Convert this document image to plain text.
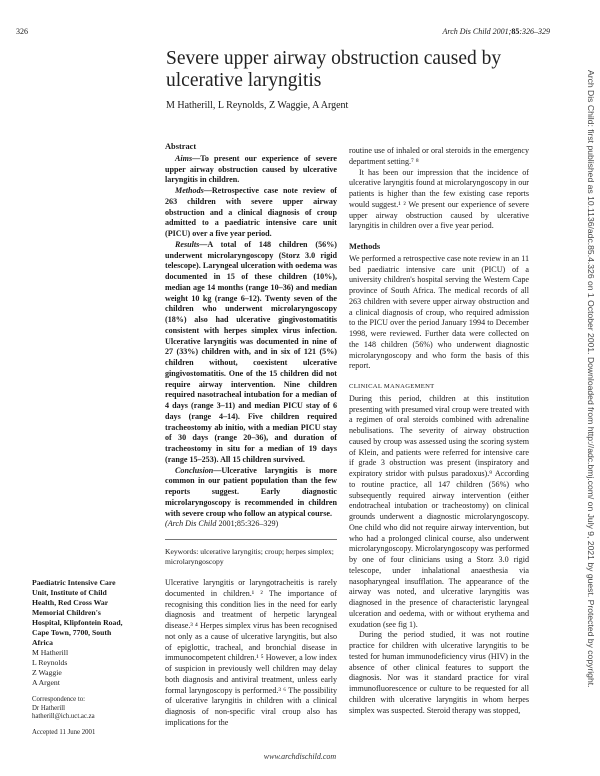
326	Arch Dis Child 2001;85:326–329
Arch Dis Child: first published as 10.1136/adc.85.4.326 on 1 October 2001. Downloaded from http://adc.bmj.com/ on July 9, 2021 by guest. Protected by copyright.
Severe upper airway obstruction caused by ulcerative laryngitis
M Hatherill, L Reynolds, Z Waggie, A Argent
Abstract

Aims—To present our experience of severe upper airway obstruction caused by ulcerative laryngitis in children.

Methods—Retrospective case note review of 263 children with severe upper airway obstruction and a clinical diagnosis of croup admitted to a paediatric intensive care unit (PICU) over a five year period.

Results—A total of 148 children (56%) underwent microlaryngoscopy (Storz 3.0 rigid telescope). Laryngeal ulceration with oedema was documented in 15 of these children (10%), median age 14 months (range 10–36) and median weight 10 kg (range 6–12). Twenty seven of the children who underwent microlaryngoscopy (18%) also had ulcerative gingivostomatitis consistent with herpes simplex virus infection. Ulcerative laryngitis was documented in nine of 27 (33%) children with, and in six of 121 (5%) children without, coexistent ulcerative gingivostomatitis. One of the 15 children did not require airway intervention. Nine children required nasotracheal intubation for a median of 4 days (range 3–11) and median PICU stay of 6 days (range 4–14). Five children required tracheostomy ab initio, with a median PICU stay of 30 days (range 20–36), and duration of tracheostomy in situ for a median of 19 days (range 15–253). All 15 children survived.

Conclusion—Ulcerative laryngitis is more common in our patient population than the few reports suggest. Early diagnostic microlaryngoscopy is recommended in children with severe croup who follow an atypical course.

(Arch Dis Child 2001;85:326–329)

Keywords: ulcerative laryngitis; croup; herpes simplex; microlaryngoscopy

Ulcerative laryngitis or laryngotracheitis is rarely documented in children.¹ ² The importance of recognising this condition lies in the need for early diagnosis and treatment of herpetic laryngeal disease.³ ⁴ Herpes simplex virus has been recognised not only as a cause of ulcerative laryngitis, but also of epiglottic, tracheal, and bronchial disease in immunocompetent children.¹ ⁵ However, a low index of suspicion in previously well children may delay both diagnosis and antiviral treatment, unless early formal laryngoscopy is performed.³ ⁶ The possibility of ulcerative laryngitis in children with a clinical diagnosis of non-specific viral croup also has implications for the

routine use of inhaled or oral steroids in the emergency department setting.⁷ ⁸

It has been our impression that the incidence of ulcerative laryngitis found at microlaryngoscopy in our patients is higher than the few existing case reports would suggest.¹ ² We present our experience of severe upper airway obstruction caused by ulcerative laryngitis in children over a five year period.

Methods

We performed a retrospective case note review in an 11 bed paediatric intensive care unit (PICU) of a university children's hospital serving the Western Cape province of South Africa. The medical records of all 263 children with severe upper airway obstruction and a clinical diagnosis of croup, who required admission to the PICU over the period January 1994 to December 1998, were reviewed. Further data were collected on the 148 children (56%) who underwent diagnostic microlaryngoscopy and who form the basis of this report.

CLINICAL MANAGEMENT

During this period, children at this institution presenting with presumed viral croup were treated with a regimen of oral steroids combined with adrenaline nebulisations. The severity of airway obstruction caused by croup was assessed using the scoring system of Klein, and patients were referred for intensive care if grade 3 obstruction was present (inspiratory and expiratory stridor with pulsus paradoxus).⁹ According to routine practice, all 147 children (56%) who subsequently required airway intervention (either endotracheal intubation or tracheostomy) on clinical grounds underwent a diagnostic microlaryngoscopy. One child who did not require airway intervention, but who had a prolonged clinical course, also underwent microlaryngoscopy. Microlaryngoscopy was performed by one of four clinicians using a Storz 3.0 rigid telescope, under inhalational anaesthesia via nasopharyngeal insufflation. The appearance of the airway was noted, and ulcerative laryngitis was diagnosed in the presence of characteristic laryngeal ulceration and oedema, with or without erythema and exudation (see fig 1).

During the period studied, it was not routine practice for children with ulcerative laryngitis to be tested for human immunodeficiency virus (HIV) in the absence of other clinical features to support the diagnosis. Nor was it standard practice for viral immunofluorescence or culture to be requested for all children with ulcerative laryngitis in whom herpes simplex was suspected. Steroid therapy was stopped,

Paediatric Intensive Care Unit, Institute of Child Health, Red Cross War Memorial Children's Hospital, Klipfontein Road, Cape Town, 7700, South Africa
M Hatherill
L Reynolds
Z Waggie
A Argent
Correspondence to:
Dr Hatherill
hatherill@ich.uct.ac.za
Accepted 11 June 2001
www.archdischild.com
